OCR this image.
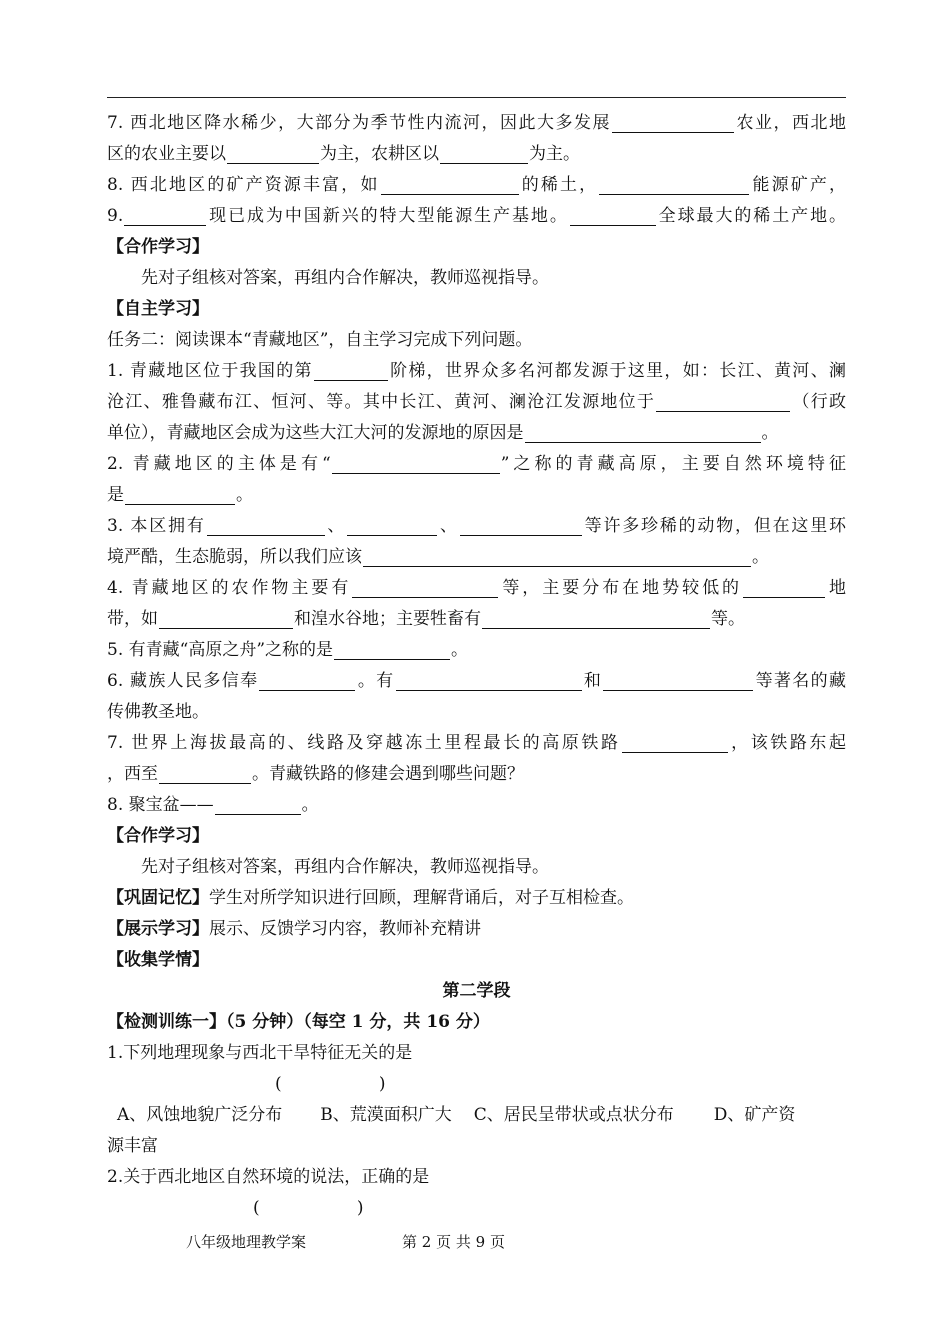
7. 西北地区降水稀少，大部分为季节性内流河，因此大多发展	农业，西北地
区的农业主要以	为主，农耕区以	为主。
8. 西北地区的矿产资源丰富，如	的稀土，	能源矿产，
9.	现已成为中国新兴的特大型能源生产基地。	全球最大的稀土产地。
【合作学习】
先对子组核对答案，再组内合作解决，教师巡视指导。
【自主学习】
任务二：阅读课本“青藏地区”，自主学习完成下列问题。
1. 青藏地区位于我国的第	阶梯，世界众多名河都发源于这里，如：长江、黄河、澜
沧江、雅鲁藏布江、恒河、等。其中长江、黄河、澜沧江发源地位于	（行政
单位），青藏地区会成为这些大江大河的发源地的原因是	。
2. 青藏地区的主体是有“	”之称的青藏高原，主要自然环境特征
是	。
3. 本区拥有	、	、	等许多珍稀的动物，但在这里环
境严酷，生态脆弱，所以我们应该	。
4. 青藏地区的农作物主要有	等，主要分布在地势较低的	地
带，如	和湟水谷地；主要牲畜有	等。
5. 有青藏“高原之舟”之称的是	。
6. 藏族人民多信奉	。有	和	等著名的藏
传佛教圣地。
7. 世界上海拔最高的、线路及穿越冻土里程最长的高原铁路	，该铁路东起
，西至	。青藏铁路的修建会遇到哪些问题？
8. 聚宝盆——	。
【合作学习】
先对子组核对答案，再组内合作解决，教师巡视指导。
【巩固记忆】学生对所学知识进行回顾，理解背诵后，对子互相检查。
【展示学习】展示、反馈学习内容，教师补充精讲
【收集学情】
第二学段
【检测训练一】（5 分钟）（每空 1 分，共 16 分）
1.下列地理现象与西北干旱特征无关的是
(                  )
A、风蚀地貌广泛分布 B、荒漠面积广大 C、居民呈带状或点状分布 D、矿产资
源丰富
2.关于西北地区自然环境的说法，正确的是
(                  )
八年级地理教学案	第 2 页 共 9 页
